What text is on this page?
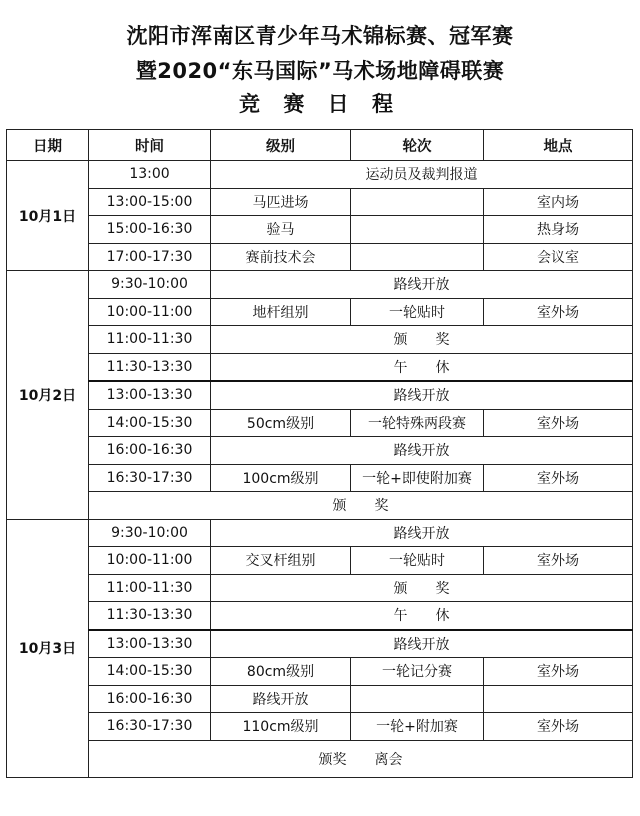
沈阳市浑南区青少年马术锦标赛、冠军赛
暨2020“东马国际”马术场地障碍联赛
竞 赛 日 程
日期	时间	级别	轮次	地点
10月1日	13:00	运动员及裁判报道		
	13:00-15:00	马匹进场		室内场
	15:00-16:30	验马		热身场
	17:00-17:30	赛前技术会		会议室
10月2日	9:30-10:00	路线开放		
	10:00-11:00	地杆组别	一轮贴时	室外场
	11:00-11:30	颁　　奖		
	11:30-13:30	午　　休		
	13:00-13:30	路线开放		
	14:00-15:30	50cm级别	一轮特殊两段赛	室外场
	16:00-16:30	路线开放		
	16:30-17:30	100cm级别	一轮+即使附加赛	室外场
	颁　　奖			
10月3日	9:30-10:00	路线开放		
	10:00-11:00	交叉杆组别	一轮贴时	室外场
	11:00-11:30	颁　　奖		
	11:30-13:30	午　　休		
	13:00-13:30	路线开放		
	14:00-15:30	80cm级别	一轮记分赛	室外场
	16:00-16:30	路线开放		
	16:30-17:30	110cm级别	一轮+附加赛	室外场
	颁奖　　离会			
